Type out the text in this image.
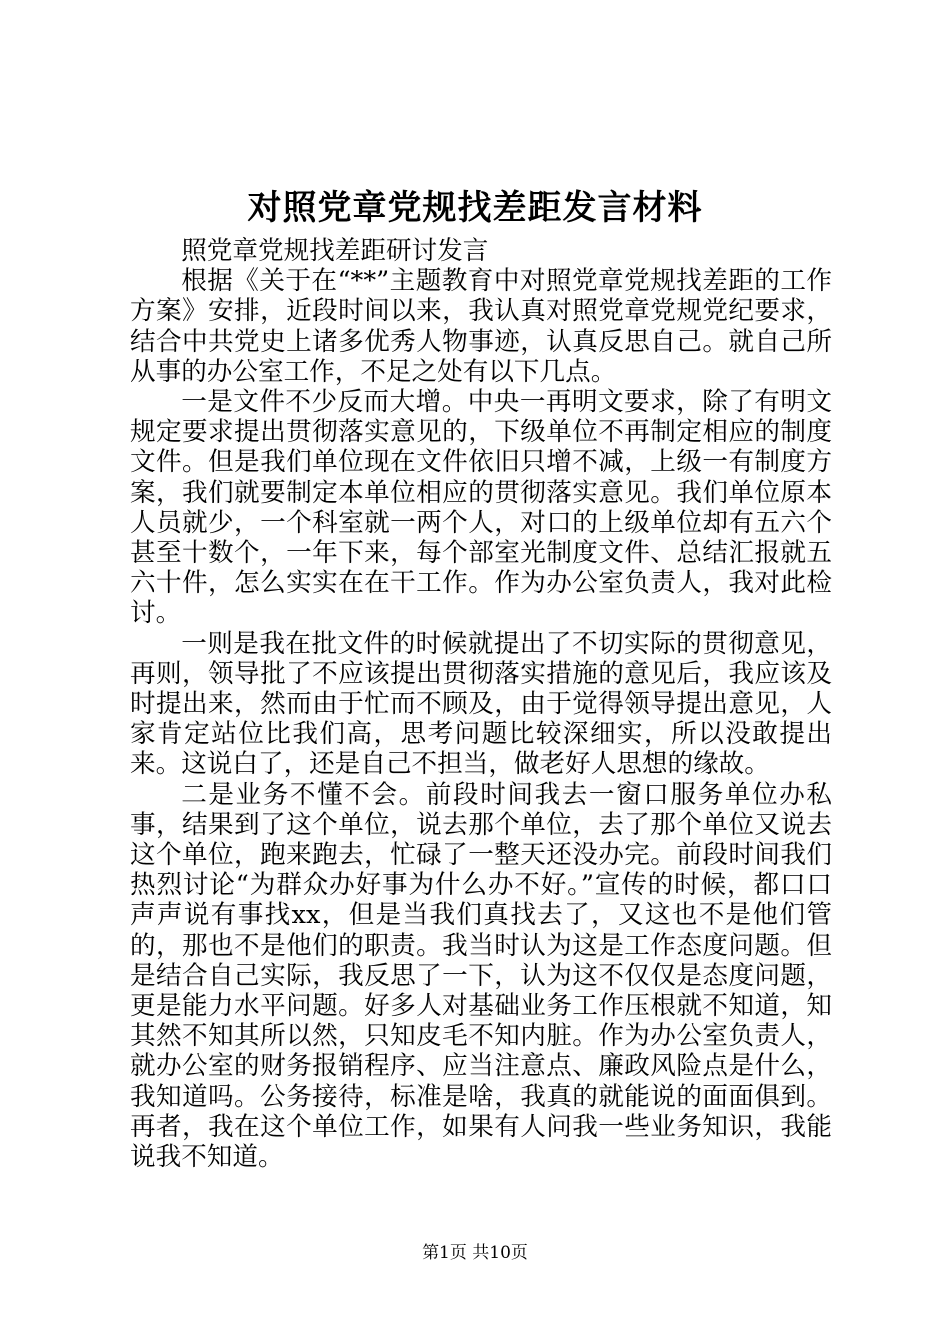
对照党章党规找差距发言材料

照党章党规找差距研讨发言

根据《关于在“**”主题教育中对照党章党规找差距的工作方案》安排，近段时间以来，我认真对照党章党规党纪要求，结合中共党史上诸多优秀人物事迹，认真反思自己。就自己所从事的办公室工作，不足之处有以下几点。

一是文件不少反而大增。中央一再明文要求，除了有明文规定要求提出贯彻落实意见的，下级单位不再制定相应的制度文件。但是我们单位现在文件依旧只增不减，上级一有制度方案，我们就要制定本单位相应的贯彻落实意见。我们单位原本人员就少，一个科室就一两个人，对口的上级单位却有五六个甚至十数个，一年下来，每个部室光制度文件、总结汇报就五六十件，怎么实实在在干工作。作为办公室负责人，我对此检讨。

一则是我在批文件的时候就提出了不切实际的贯彻意见，再则，领导批了不应该提出贯彻落实措施的意见后，我应该及时提出来，然而由于忙而不顾及，由于觉得领导提出意见，人家肯定站位比我们高，思考问题比较深细实，所以没敢提出来。这说白了，还是自己不担当，做老好人思想的缘故。

二是业务不懂不会。前段时间我去一窗口服务单位办私事，结果到了这个单位，说去那个单位，去了那个单位又说去这个单位，跑来跑去，忙碌了一整天还没办完。前段时间我们热烈讨论“为群众办好事为什么办不好。”宣传的时候，都口口声声说有事找xx，但是当我们真找去了，又这也不是他们管的，那也不是他们的职责。我当时认为这是工作态度问题。但是结合自己实际，我反思了一下，认为这不仅仅是态度问题，更是能力水平问题。好多人对基础业务工作压根就不知道，知其然不知其所以然，只知皮毛不知内脏。作为办公室负责人，就办公室的财务报销程序、应当注意点、廉政风险点是什么，我知道吗。公务接待，标准是啥，我真的就能说的面面俱到。再者，我在这个单位工作，如果有人问我一些业务知识，我能说我不知道。

第1页 共10页
